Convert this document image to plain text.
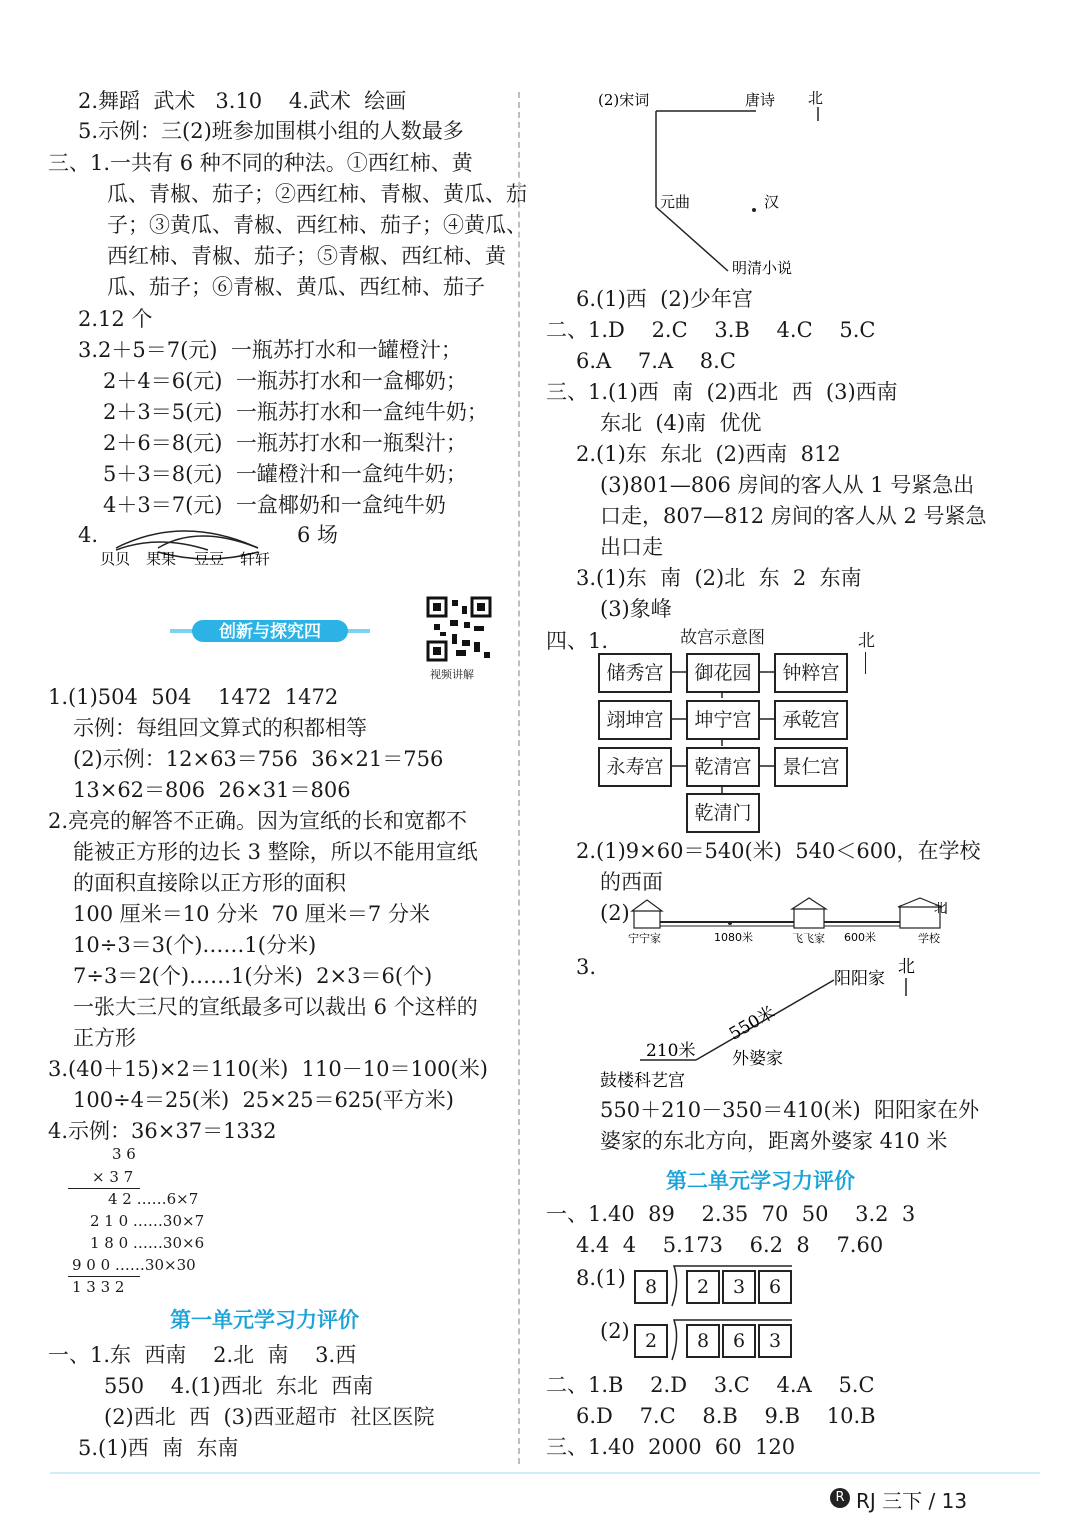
2.舞蹈  武术   3.10    4.武术  绘画
5.示例：三(2)班参加围棋小组的人数最多
三、1.一共有 6 种不同的种法。①西红柿、黄
瓜、青椒、茄子；②西红柿、青椒、黄瓜、茄
子；③黄瓜、青椒、西红柿、茄子；④黄瓜、
西红柿、青椒、茄子；⑤青椒、西红柿、黄
瓜、茄子；⑥青椒、黄瓜、西红柿、茄子
2.12 个
3.2＋5＝7(元)  一瓶苏打水和一罐橙汁；
2＋4＝6(元)  一瓶苏打水和一盒椰奶；
2＋3＝5(元)  一瓶苏打水和一盒纯牛奶；
2＋6＝8(元)  一瓶苏打水和一瓶梨汁；
5＋3＝8(元)  一罐橙汁和一盒纯牛奶；
4＋3＝7(元)  一盒椰奶和一盒纯牛奶
4.
贝贝 果果 豆豆 轩轩
6 场
创新与探究四
视频讲解
1.(1)504  504    1472  1472
示例：每组回文算式的积都相等
(2)示例：12×63＝756  36×21＝756
13×62＝806  26×31＝806
2.亮亮的解答不正确。因为宣纸的长和宽都不
能被正方形的边长 3 整除，所以不能用宣纸
的面积直接除以正方形的面积
100 厘米＝10 分米  70 厘米＝7 分米
10÷3＝3(个)……1(分米)
7÷3＝2(个)……1(分米)  2×3＝6(个)
一张大三尺的宣纸最多可以裁出 6 个这样的
正方形
3.(40＋15)×2＝110(米)  110－10＝100(米)
100÷4＝25(米)  25×25＝625(平方米)
4.示例：36×37＝1332
3 6
× 3 7
4 2 ……6×7
2 1 0 ……30×7
1 8 0 ……30×6
9 0 0 ……30×30
1 3 3 2
第一单元学习力评价
一、1.东  西南    2.北  南    3.西
550    4.(1)西北  东北  西南
(2)西北  西  (3)西亚超市  社区医院
5.(1)西  南  东南
(2)宋词	唐诗 北
元曲	汉
明清小说
6.(1)西  (2)少年宫
二、1.D    2.C    3.B    4.C    5.C
6.A    7.A    8.C
三、1.(1)西  南  (2)西北  西  (3)西南
东北  (4)南  优优
2.(1)东  东北  (2)西南  812
(3)801—806 房间的客人从 1 号紧急出
口走，807—812 房间的客人从 2 号紧急
出口走
3.(1)东  南  (2)北  东  2  东南
(3)象峰
四、1.	故宫示意图	北
储秀宫	御花园	钟粹宫
翊坤宫	坤宁宫	承乾宫
永寿宫	乾清宫	景仁宫
乾清门
2.(1)9×60＝540(米)  540＜600，在学校
的西面
(2)
宁宁家	1080米	飞飞家 600米	学校
北
3.	阳阳家
北
550米
210米 外婆家
鼓楼科艺宫
550＋210－350＝410(米)  阳阳家在外
婆家的东北方向，距离外婆家 410 米
第二单元学习力评价
一、1.40  89    2.35  70  50    3.2  3
4.4  4    5.173    6.2  8    7.60
8.(1)	8	2	3	6
(2) 2	8	6	3
二、1.B    2.D    3.C    4.A    5.C
6.D    7.C    8.B    9.B    10.B
三、1.40  2000  60  120
R RJ 三下 / 13
